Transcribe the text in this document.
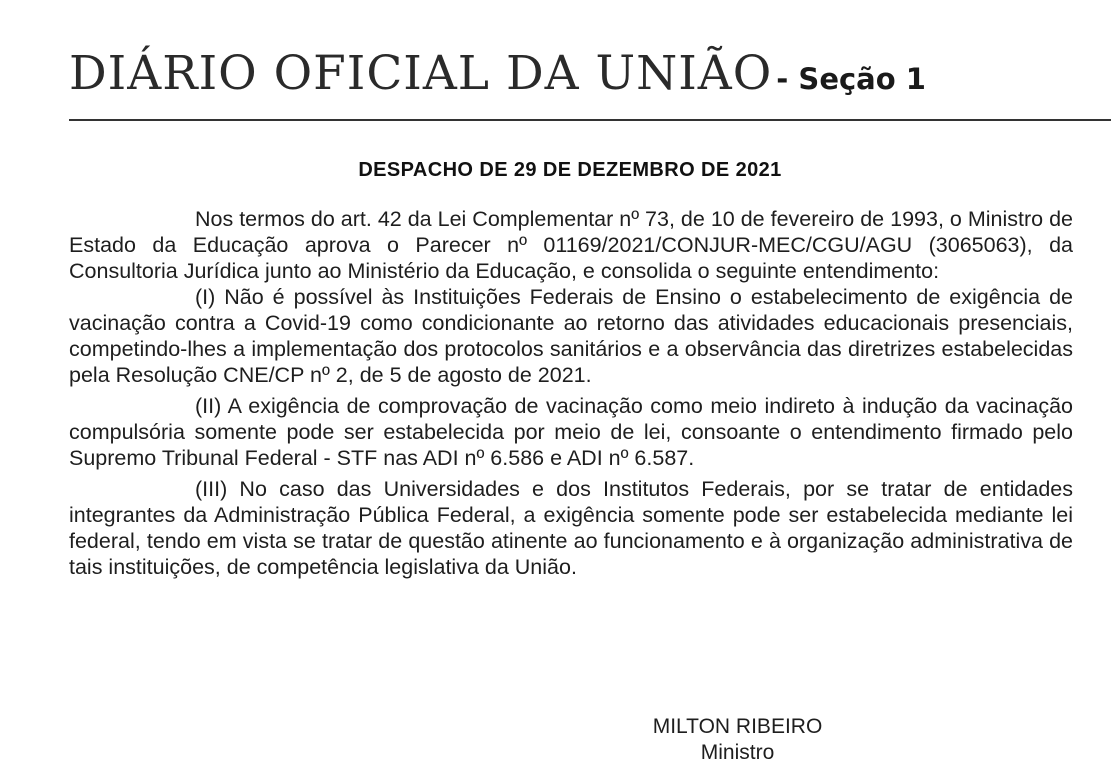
DIÁRIO OFICIAL DA UNIÃO - Seção 1
DESPACHO DE 29 DE DEZEMBRO DE 2021

Nos termos do art. 42 da Lei Complementar nº 73, de 10 de fevereiro de 1993, o Ministro de Estado da Educação aprova o Parecer nº 01169/2021/CONJUR-MEC/CGU/AGU (3065063), da Consultoria Jurídica junto ao Ministério da Educação, e consolida o seguinte entendimento:

(I) Não é possível às Instituições Federais de Ensino o estabelecimento de exigência de vacinação contra a Covid-19 como condicionante ao retorno das atividades educacionais presenciais, competindo-lhes a implementação dos protocolos sanitários e a observância das diretrizes estabelecidas pela Resolução CNE/CP nº 2, de 5 de agosto de 2021.

(II) A exigência de comprovação de vacinação como meio indireto à indução da vacinação compulsória somente pode ser estabelecida por meio de lei, consoante o entendimento firmado pelo Supremo Tribunal Federal - STF nas ADI nº 6.586 e ADI nº 6.587.

(III) No caso das Universidades e dos Institutos Federais, por se tratar de entidades integrantes da Administração Pública Federal, a exigência somente pode ser estabelecida mediante lei federal, tendo em vista se tratar de questão atinente ao funcionamento e à organização administrativa de tais instituições, de competência legislativa da União.

MILTON RIBEIRO
Ministro
